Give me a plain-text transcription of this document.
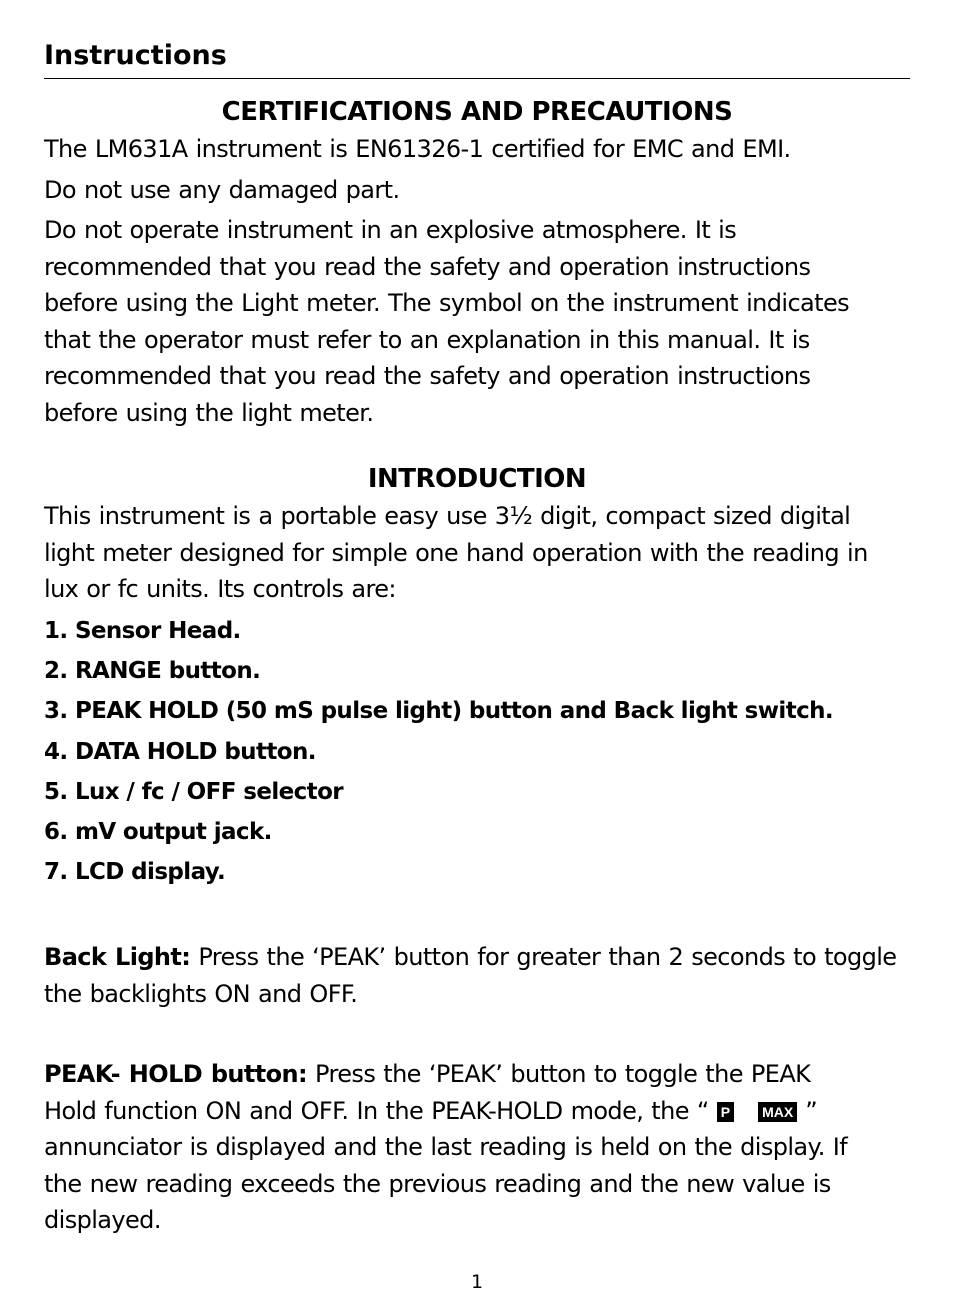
Instructions
CERTIFICATIONS AND PRECAUTIONS
The LM631A instrument is EN61326-1 certified for EMC and EMI.
Do not use any damaged part.
Do not operate instrument in an explosive atmosphere. It is
recommended that you read the safety and operation instructions
before using the Light meter. The symbol on the instrument indicates
that the operator must refer to an explanation in this manual. It is
recommended that you read the safety and operation instructions
before using the light meter.
INTRODUCTION
This instrument is a portable easy use 3½ digit, compact sized digital
light meter designed for simple one hand operation with the reading in
lux or fc units. Its controls are:
1. Sensor Head.
2. RANGE button.
3. PEAK HOLD (50 mS pulse light) button and Back light switch.
4. DATA HOLD button.
5. Lux / fc / OFF selector
6. mV output jack.
7. LCD display.
Back Light: Press the ‘PEAK’ button for greater than 2 seconds to toggle
the backlights ON and OFF.
PEAK- HOLD button: Press the ‘PEAK’ button to toggle the PEAK
Hold function ON and OFF. In the PEAK-HOLD mode, the “ P MAX ”
annunciator is displayed and the last reading is held on the display. If
the new reading exceeds the previous reading and the new value is
displayed.
1
